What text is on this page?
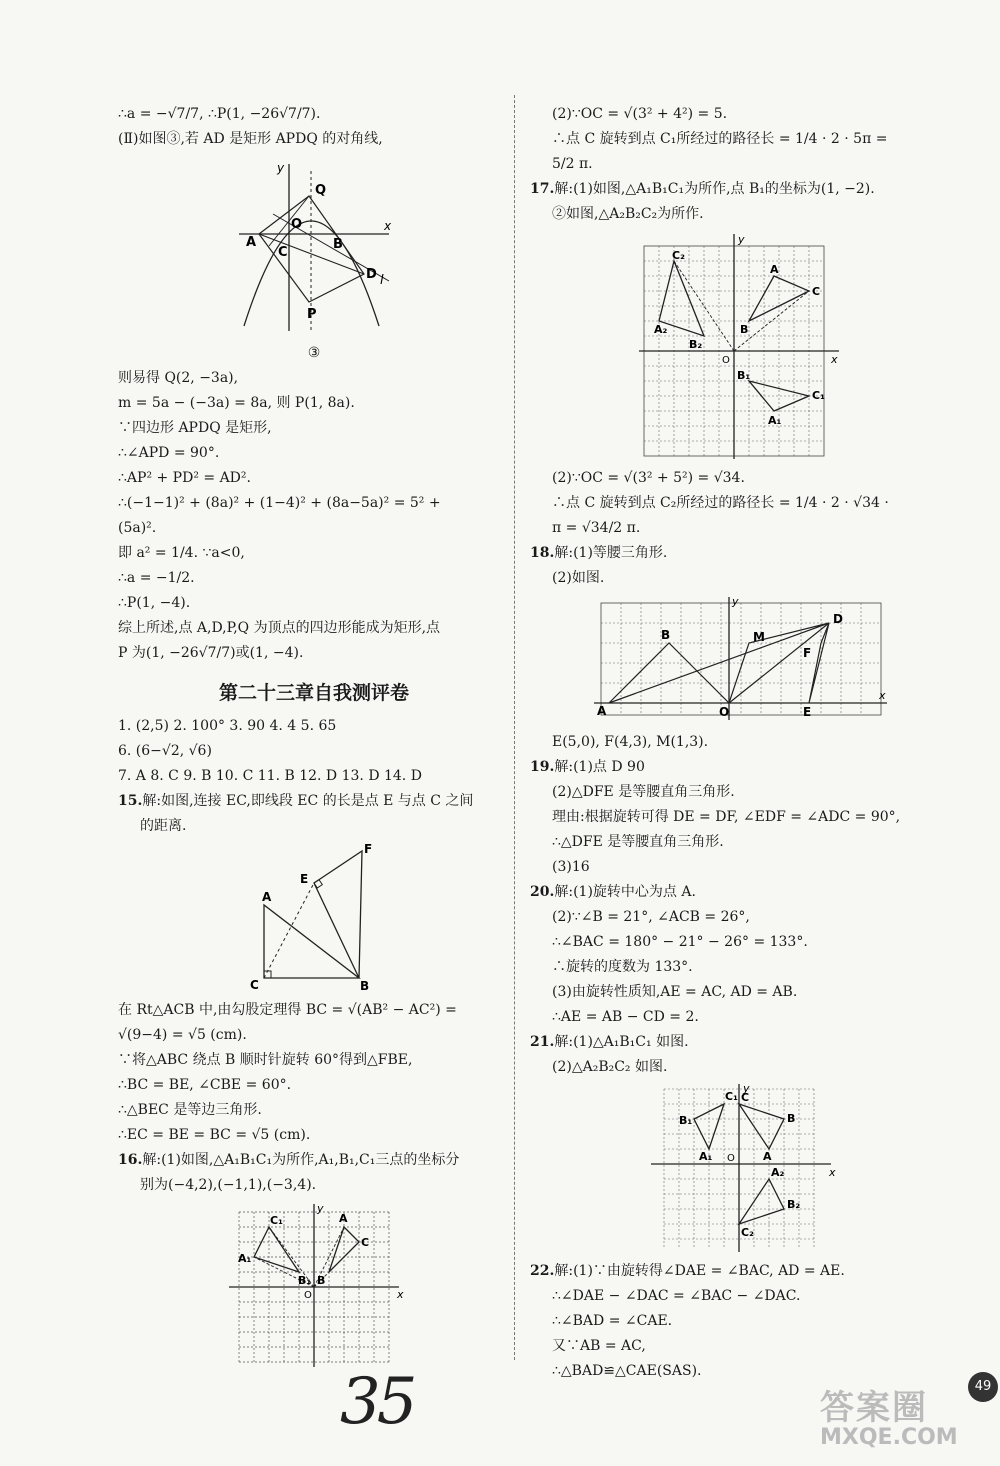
∴a = −√7/7, ∴P(1, −26√7/7).
(Ⅱ)如图③,若 AD 是矩形 APDQ 的对角线,
y
x
A
C
O
Q
B
D l
P
③
则易得 Q(2, −3a),
m = 5a − (−3a) = 8a, 则 P(1, 8a).
∵四边形 APDQ 是矩形,
∴∠APD = 90°.
∴AP² + PD² = AD².
∴(−1−1)² + (8a)² + (1−4)² + (8a−5a)² = 5² +
(5a)².
即 a² = 1/4. ∵a<0,
∴a = −1/2.
∴P(1, −4).
综上所述,点 A,D,P,Q 为顶点的四边形能成为矩形,点
P 为(1, −26√7/7)或(1, −4).
第二十三章自我测评卷
1. (2,5) 2. 100° 3. 90 4. 4 5. 65
6. (6−√2, √6)
7. A 8. C 9. B 10. C 11. B 12. D 13. D 14. D
15.解:如图,连接 EC,即线段 EC 的长是点 E 与点 C 之间
的距离.
A
C	B
E
F
在 Rt△ACB 中,由勾股定理得 BC = √(AB² − AC²) =
√(9−4) = √5 (cm).
∵将△ABC 绕点 B 顺时针旋转 60°得到△FBE,
∴BC = BE, ∠CBE = 60°.
∴△BEC 是等边三角形.
∴EC = BE = BC = √5 (cm).
16.解:(1)如图,△A₁B₁C₁为所作,A₁,B₁,C₁三点的坐标分
别为(−4,2),(−1,1),(−3,4).
y
x
A₁
C₁
B₁
A
C
B
O
(2)∵OC = √(3² + 4²) = 5.
∴点 C 旋转到点 C₁所经过的路径长 = 1/4 · 2 · 5π =
5/2 π.
17.解:(1)如图,△A₁B₁C₁为所作,点 B₁的坐标为(1, −2).
②如图,△A₂B₂C₂为所作.
y
x
C₂
A₂
B₂
A
C
B
O
B₁
C₁
A₁
(2)∵OC = √(3² + 5²) = √34.
∴点 C 旋转到点 C₂所经过的路径长 = 1/4 · 2 · √34 ·
π = √34/2 π.
18.解:(1)等腰三角形.
(2)如图.
y
x
A
B
O
M
D
F
E
E(5,0), F(4,3), M(1,3).
19.解:(1)点 D 90
(2)△DFE 是等腰直角三角形.
理由:根据旋转可得 DE = DF, ∠EDF = ∠ADC = 90°,
∴△DFE 是等腰直角三角形.
(3)16
20.解:(1)旋转中心为点 A.
(2)∵∠B = 21°, ∠ACB = 26°,
∴∠BAC = 180° − 21° − 26° = 133°.
∴旋转的度数为 133°.
(3)由旋转性质知,AE = AC, AD = AB.
∴AE = AB − CD = 2.
21.解:(1)△A₁B₁C₁ 如图.
(2)△A₂B₂C₂ 如图.
y
x
C₁
B₁
A₁
C
B
A
O
A₂
B₂
C₂
22.解:(1)∵由旋转得∠DAE = ∠BAC, AD = AE.
∴∠DAE − ∠DAC = ∠BAC − ∠DAC.
∴∠BAD = ∠CAE.
又∵AB = AC,
∴△BAD≌△CAE(SAS).
35	49
答案圈
MXQE.COM
